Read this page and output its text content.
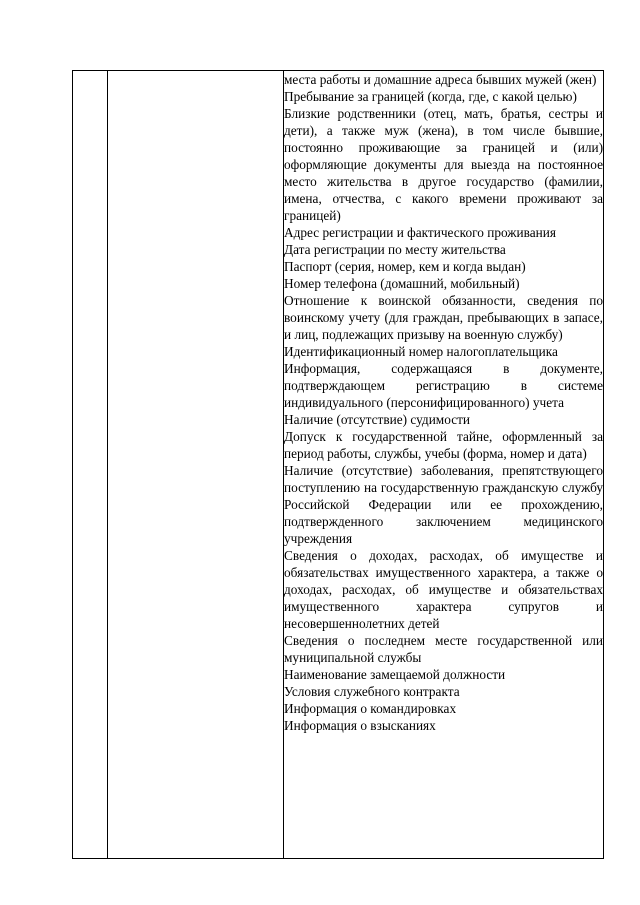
места работы и домашние адреса бывших мужей (жен)
Пребывание за границей (когда, где, с какой целью)
Близкие родственники (отец, мать, братья, сестры и дети), а также муж (жена), в том числе бывшие, постоянно проживающие за границей и (или) оформляющие документы для выезда на постоянное место жительства в другое государство (фамилии, имена, отчества, с какого времени проживают за границей)
Адрес регистрации и фактического проживания
Дата регистрации по месту жительства
Паспорт (серия, номер, кем и когда выдан)
Номер телефона (домашний, мобильный)
Отношение к воинской обязанности, сведения по воинскому учету (для граждан, пребывающих в запасе, и лиц, подлежащих призыву на военную службу)
Идентификационный номер налогоплательщика
Информация, содержащаяся в документе, подтверждающем регистрацию в системе индивидуального (персонифицированного) учета
Наличие (отсутствие) судимости
Допуск к государственной тайне, оформленный за период работы, службы, учебы (форма, номер и дата)
Наличие (отсутствие) заболевания, препятствующего поступлению на государственную гражданскую службу Российской Федерации или ее прохождению, подтвержденного заключением медицинского учреждения
Сведения о доходах, расходах, об имуществе и обязательствах имущественного характера, а также о доходах, расходах, об имуществе и обязательствах имущественного характера супругов и несовершеннолетних детей
Сведения о последнем месте государственной или муниципальной службы
Наименование замещаемой должности
Условия служебного контракта
Информация о командировках
Информация о взысканиях
